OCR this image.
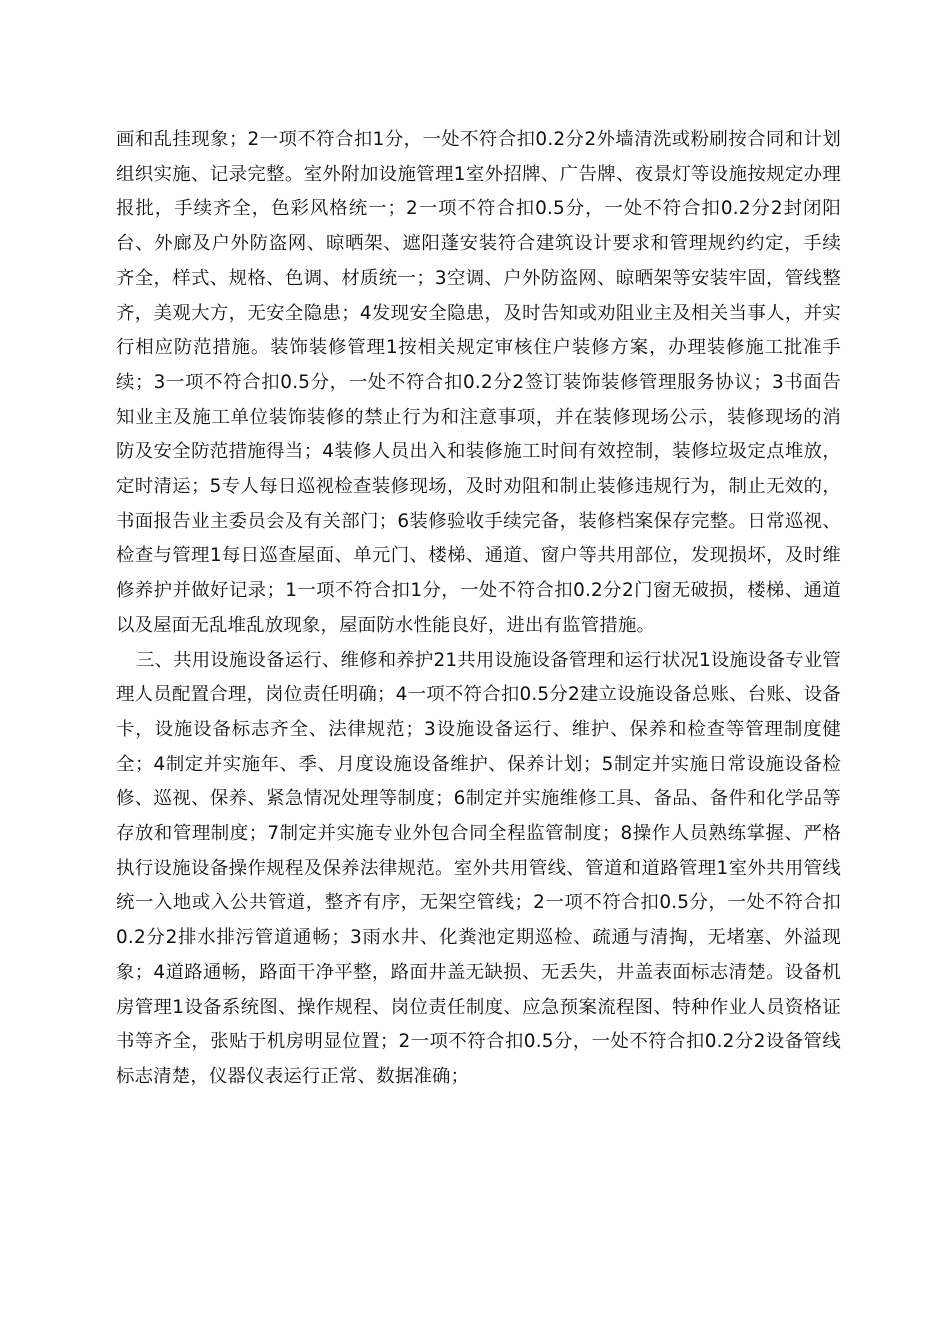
画和乱挂现象；2一项不符合扣1分，一处不符合扣0.2分2外墙清洗或粉刷按合同和计划组织实施、记录完整。室外附加设施管理1室外招牌、广告牌、夜景灯等设施按规定办理报批，手续齐全，色彩风格统一；2一项不符合扣0.5分，一处不符合扣0.2分2封闭阳台、外廊及户外防盗网、晾晒架、遮阳蓬安装符合建筑设计要求和管理规约约定，手续齐全，样式、规格、色调、材质统一；3空调、户外防盗网、晾晒架等安装牢固，管线整齐，美观大方，无安全隐患；4发现安全隐患，及时告知或劝阻业主及相关当事人，并实行相应防范措施。装饰装修管理1按相关规定审核住户装修方案，办理装修施工批准手续；3一项不符合扣0.5分，一处不符合扣0.2分2签订装饰装修管理服务协议；3书面告知业主及施工单位装饰装修的禁止行为和注意事项，并在装修现场公示，装修现场的消防及安全防范措施得当；4装修人员出入和装修施工时间有效控制，装修垃圾定点堆放，定时清运；5专人每日巡视检查装修现场，及时劝阻和制止装修违规行为，制止无效的，书面报告业主委员会及有关部门；6装修验收手续完备，装修档案保存完整。日常巡视、检查与管理1每日巡查屋面、单元门、楼梯、通道、窗户等共用部位，发现损坏，及时维修养护并做好记录；1一项不符合扣1分，一处不符合扣0.2分2门窗无破损，楼梯、通道以及屋面无乱堆乱放现象，屋面防水性能良好，进出有监管措施。

三、共用设施设备运行、维修和养护21共用设施设备管理和运行状况1设施设备专业管理人员配置合理，岗位责任明确；4一项不符合扣0.5分2建立设施设备总账、台账、设备卡，设施设备标志齐全、法律规范；3设施设备运行、维护、保养和检查等管理制度健全；4制定并实施年、季、月度设施设备维护、保养计划；5制定并实施日常设施设备检修、巡视、保养、紧急情况处理等制度；6制定并实施维修工具、备品、备件和化学品等存放和管理制度；7制定并实施专业外包合同全程监管制度；8操作人员熟练掌握、严格执行设施设备操作规程及保养法律规范。室外共用管线、管道和道路管理1室外共用管线统一入地或入公共管道，整齐有序，无架空管线；2一项不符合扣0.5分，一处不符合扣0.2分2排水排污管道通畅；3雨水井、化粪池定期巡检、疏通与清掏，无堵塞、外溢现象；4道路通畅，路面干净平整，路面井盖无缺损、无丢失，井盖表面标志清楚。设备机房管理1设备系统图、操作规程、岗位责任制度、应急预案流程图、特种作业人员资格证书等齐全，张贴于机房明显位置；2一项不符合扣0.5分，一处不符合扣0.2分2设备管线标志清楚，仪器仪表运行正常、数据准确；
